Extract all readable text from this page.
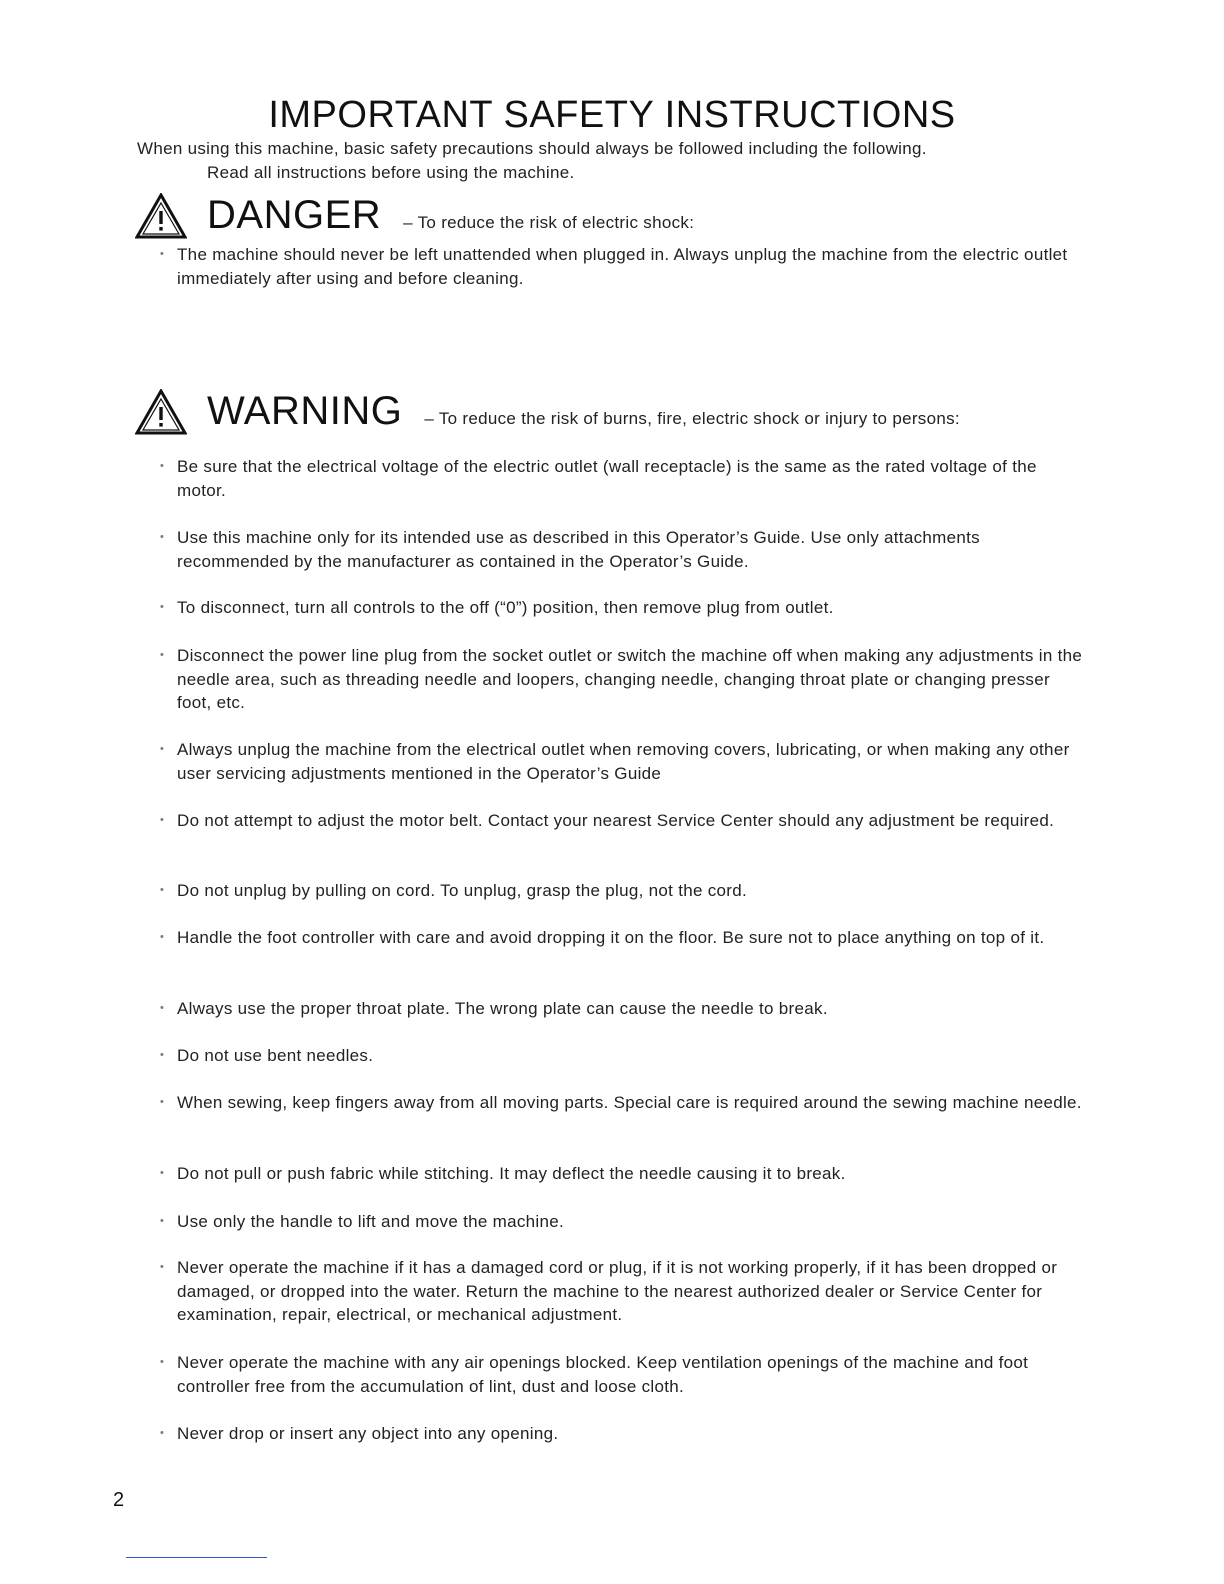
IMPORTANT SAFETY INSTRUCTIONS
When using this machine, basic safety precautions should always be followed including the following.
Read all instructions before using the machine.
DANGER – To reduce the risk of electric shock:
• The machine should never be left unattended when plugged in. Always unplug the machine from the electric outlet immediately after using and before cleaning.
WARNING – To reduce the risk of burns, fire, electric shock or injury to persons:
• Be sure that the electrical voltage of the electric outlet (wall receptacle) is the same as the rated voltage of the motor.
• Use this machine only for its intended use as described in this Operator’s Guide. Use only attachments recommended by the manufacturer as contained in the Operator’s Guide.
• To disconnect, turn all controls to the off (“0”) position, then remove plug from outlet.
• Disconnect the power line plug from the socket outlet or switch the machine off when making any adjustments in the needle area, such as threading needle and loopers, changing needle, changing throat plate or changing presser foot, etc.
• Always unplug the machine from the electrical outlet when removing covers, lubricating, or when making any other user servicing adjustments mentioned in the Operator’s Guide
• Do not attempt to adjust the motor belt. Contact your nearest Service Center should any adjustment be required.
• Do not unplug by pulling on cord. To unplug, grasp the plug, not the cord.
• Handle the foot controller with care and avoid dropping it on the floor. Be sure not to place anything on top of it.
• Always use the proper throat plate. The wrong plate can cause the needle to break.
• Do not use bent needles.
• When sewing, keep fingers away from all moving parts. Special care is required around the sewing machine needle.
• Do not pull or push fabric while stitching. It may deflect the needle causing it to break.
• Use only the handle to lift and move the machine.
• Never operate the machine if it has a damaged cord or plug, if it is not working properly, if it has been dropped or damaged, or dropped into the water. Return the machine to the nearest authorized dealer or Service Center for examination, repair, electrical, or mechanical adjustment.
• Never operate the machine with any air openings blocked. Keep ventilation openings of the machine and foot controller free from the accumulation of lint, dust and loose cloth.
• Never drop or insert any object into any opening.
2
